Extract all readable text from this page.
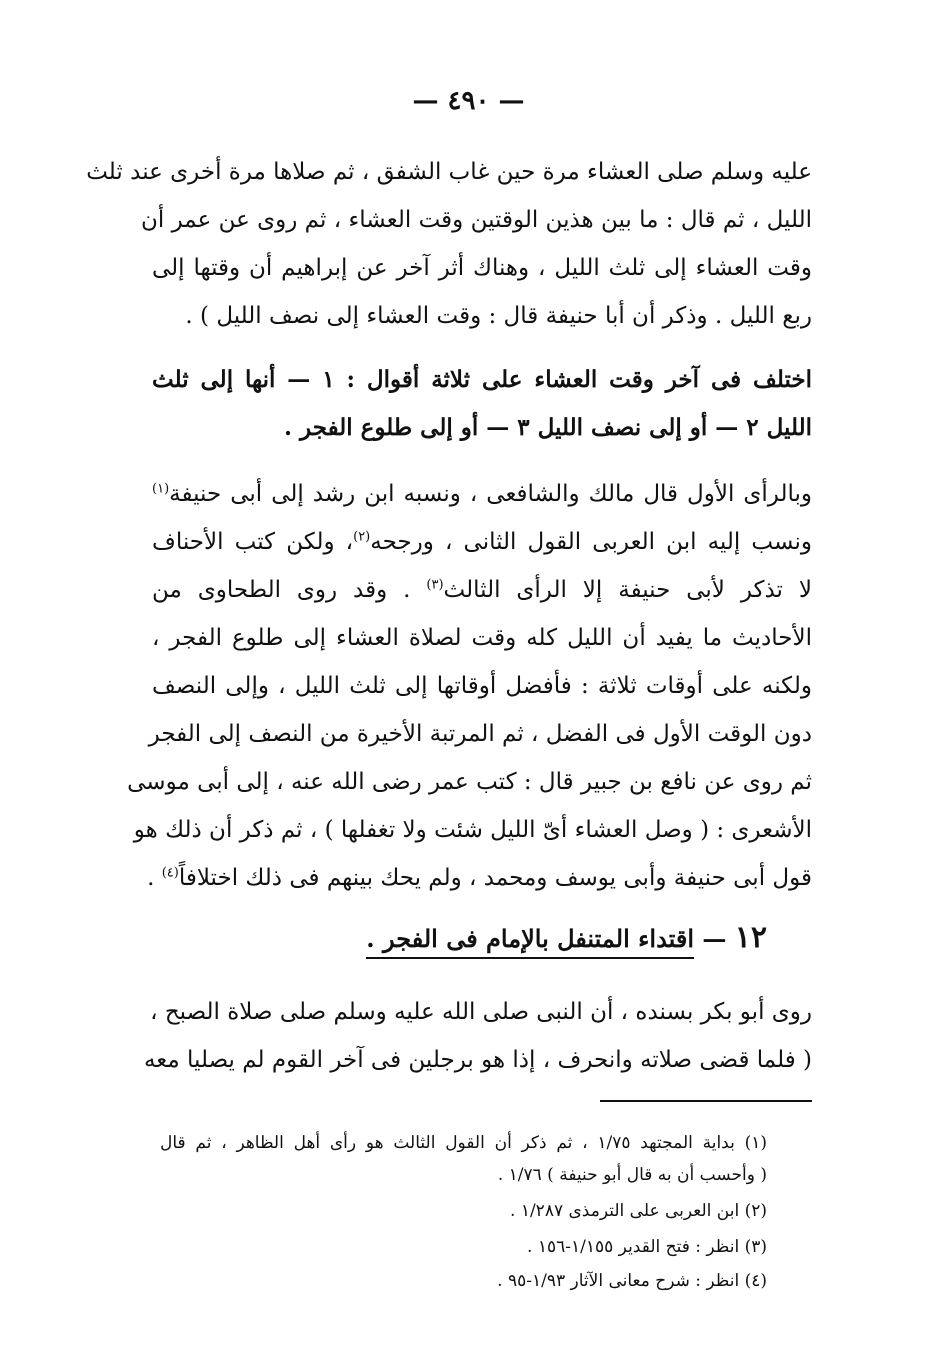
— ٤٩٠ —
عليه وسلم صلى العشاء مرة حين غاب الشفق ، ثم صلاها مرة أخرى عند ثلث
الليل ، ثم قال : ما بين هذين الوقتين وقت العشاء ، ثم روى عن عمر أن
وقت العشاء إلى ثلث الليل ، وهناك أثر آخر عن إبراهيم أن وقتها إلى
ربع الليل . وذكر أن أبا حنيفة قال : وقت العشاء إلى نصف الليل ) .
اختلف فى آخر وقت العشاء على ثلاثة أقوال : ١ — أنها إلى ثلث
الليل ٢ — أو إلى نصف الليل ٣ — أو إلى طلوع الفجر .
وبالرأى الأول قال مالك والشافعى ، ونسبه ابن رشد إلى أبى حنيفة$^{(١)}$
ونسب إليه ابن العربى القول الثانى ، ورجحه$^{(٢)}$، ولكن كتب الأحناف
لا تذكر لأبى حنيفة إلا الرأى الثالث$^{(٣)}$ . وقد روى الطحاوى من
الأحاديث ما يفيد أن الليل كله وقت لصلاة العشاء إلى طلوع الفجر ،
ولكنه على أوقات ثلاثة : فأفضل أوقاتها إلى ثلث الليل ، وإلى النصف
دون الوقت الأول فى الفضل ، ثم المرتبة الأخيرة من النصف إلى الفجر
ثم روى عن نافع بن جبير قال : كتب عمر رضى الله عنه ، إلى أبى موسى
الأشعرى : ( وصل العشاء أىّ الليل شئت ولا تغفلها ) ، ثم ذكر أن ذلك هو
قول أبى حنيفة وأبى يوسف ومحمد ، ولم يحك بينهم فى ذلك اختلافاً$^{(٤)}$ .
١٢ — اقتداء المتنفل بالإمام فى الفجر .
روى أبو بكر بسنده ، أن النبى صلى الله عليه وسلم صلى صلاة الصبح ،
( فلما قضى صلاته وانحرف ، إذا هو برجلين فى آخر القوم لم يصليا معه
(١) بداية المجتهد ١/٧٥ ، ثم ذكر أن القول الثالث هو رأى أهل الظاهر ، ثم قال
( وأحسب أن به قال أبو حنيفة ) ١/٧٦ .
(٢) ابن العربى على الترمذى ١/٢٨٧ .
(٣) انظر : فتح القدير ١/١٥٥-١٥٦ .
(٤) انظر : شرح معانى الآثار ١/٩٣-٩٥ .
